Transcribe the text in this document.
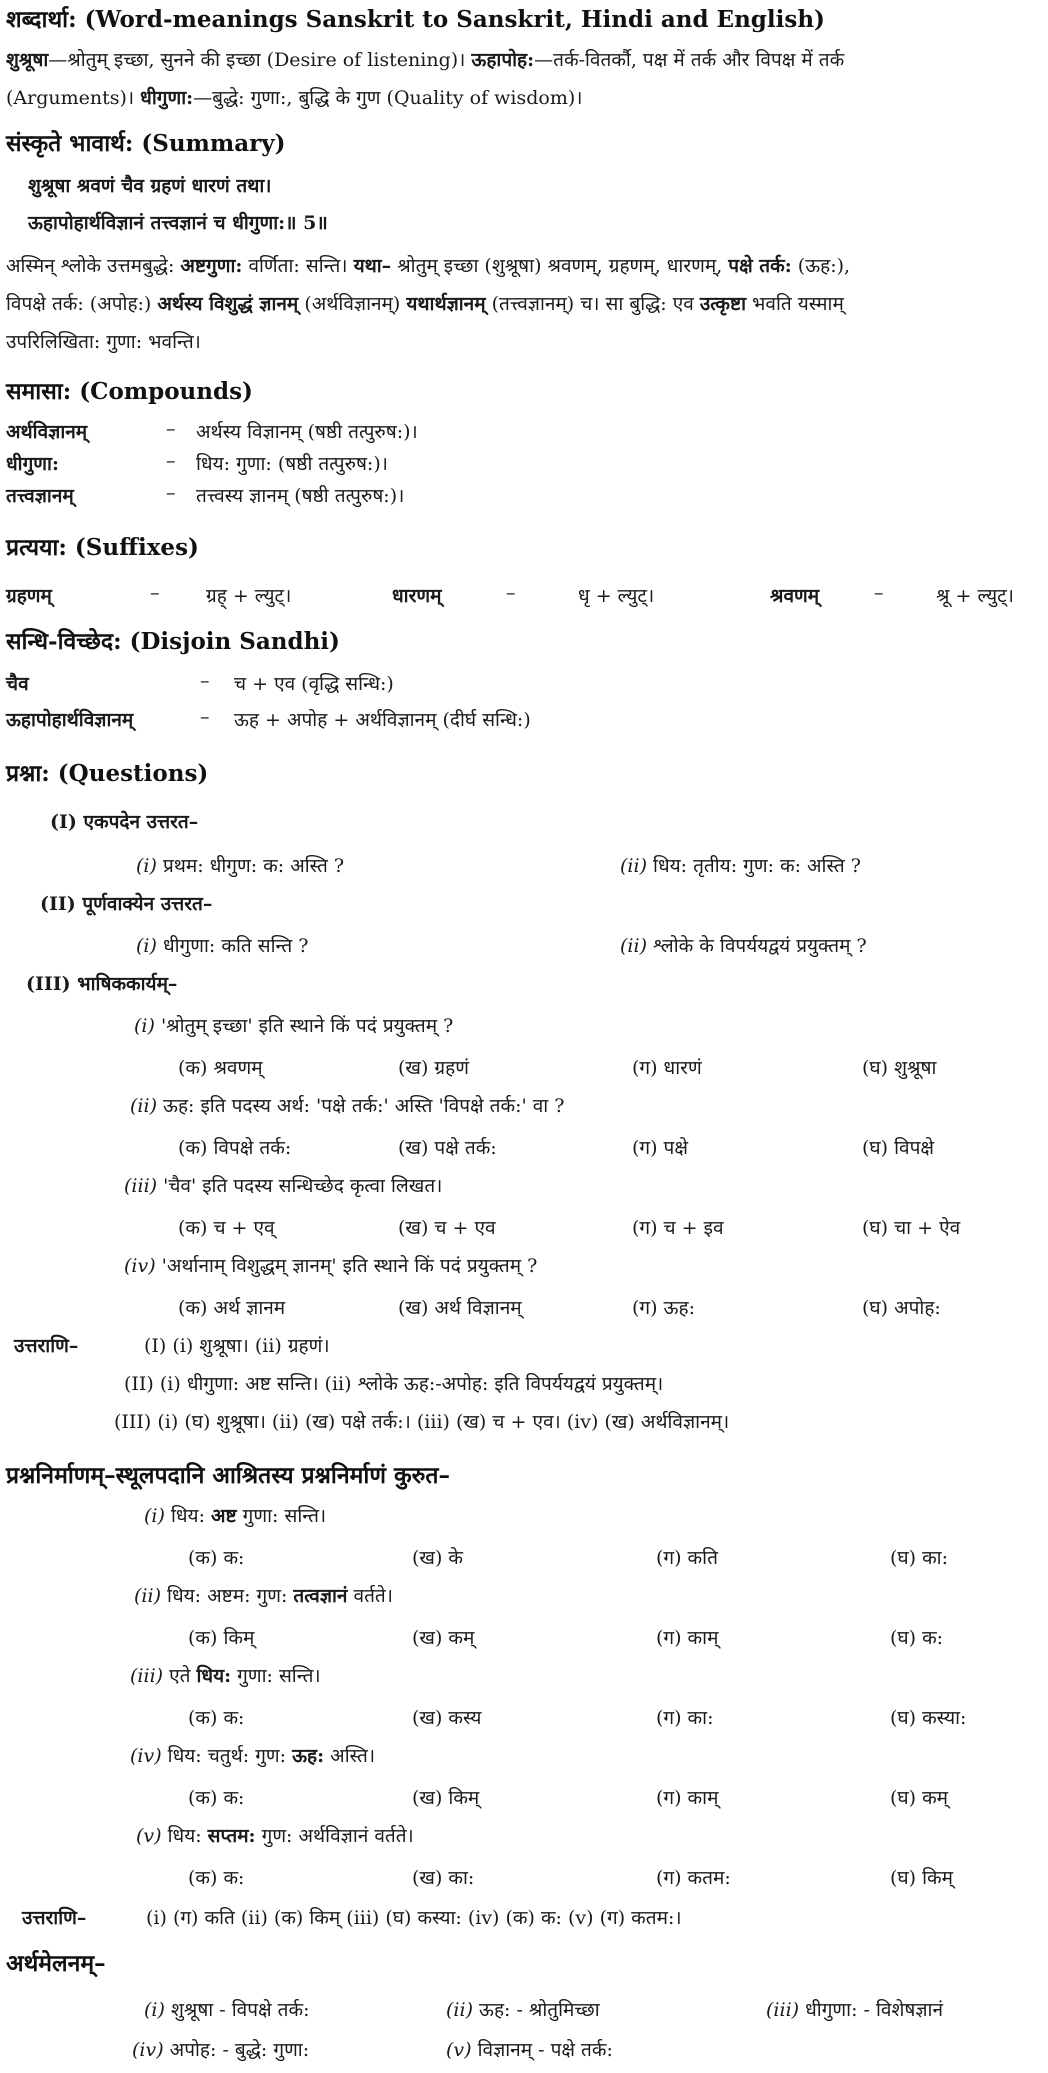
शब्दार्था: (Word-meanings Sanskrit to Sanskrit, Hindi and English)
शुश्रूषा—श्रोतुम् इच्छा, सुनने की इच्छा (Desire of listening)। ऊहापोह:—तर्क-वितर्कौ, पक्ष में तर्क और विपक्ष में तर्क
(Arguments)। धीगुणा:—बुद्धे: गुणा:, बुद्धि के गुण (Quality of wisdom)।
संस्कृते भावार्थ: (Summary)
शुश्रूषा श्रवणं चैव ग्रहणं धारणं तथा।
ऊहापोहार्थविज्ञानं तत्त्वज्ञानं च धीगुणा:॥ 5॥
अस्मिन् श्लोके उत्तमबुद्धे: अष्टगुणा: वर्णिता: सन्ति। यथा– श्रोतुम् इच्छा (शुश्रूषा) श्रवणम्, ग्रहणम्, धारणम्, पक्षे तर्क: (ऊह:),
विपक्षे तर्क: (अपोह:) अर्थस्य विशुद्धं ज्ञानम् (अर्थविज्ञानम्) यथार्थज्ञानम् (तत्त्वज्ञानम्) च। सा बुद्धि: एव उत्कृष्टा भवति यस्माम्
उपरिलिखिता: गुणा: भवन्ति।
समासा: (Compounds)
अर्थविज्ञानम्	– अर्थस्य विज्ञानम् (षष्ठी तत्पुरुष:)।
धीगुणा:	– धिय: गुणा: (षष्ठी तत्पुरुष:)।
तत्त्वज्ञानम्	– तत्त्वस्य ज्ञानम् (षष्ठी तत्पुरुष:)।
प्रत्यया: (Suffixes)
ग्रहणम्	– ग्रह् + ल्युट्।	धारणम्	–	धृ + ल्युट्।	श्रवणम्	–	श्रू + ल्युट्।
सन्धि-विच्छेद: (Disjoin Sandhi)
चैव	– च + एव (वृद्धि सन्धि:)
ऊहापोहार्थविज्ञानम्	– ऊह + अपोह + अर्थविज्ञानम् (दीर्घ सन्धि:)
प्रश्ना: (Questions)
(I) एकपदेन उत्तरत–
(i) प्रथम: धीगुण: क: अस्ति ?	(ii) धिय: तृतीय: गुण: क: अस्ति ?
(II) पूर्णवाक्येन उत्तरत–
(i) धीगुणा: कति सन्ति ?	(ii) श्लोके के विपर्ययद्वयं प्रयुक्तम् ?
(III) भाषिककार्यम्–
(i) 'श्रोतुम् इच्छा' इति स्थाने किं पदं प्रयुक्तम् ?
(क) श्रवणम्	(ख) ग्रहणं	(ग) धारणं	(घ) शुश्रूषा
(ii) ऊह: इति पदस्य अर्थ: 'पक्षे तर्क:' अस्ति 'विपक्षे तर्क:' वा ?
(क) विपक्षे तर्क:	(ख) पक्षे तर्क:	(ग) पक्षे	(घ) विपक्षे
(iii) 'चैव' इति पदस्य सन्धिच्छेद कृत्वा लिखत।
(क) च + एव्	(ख) च + एव	(ग) च + इव	(घ) चा + ऐव
(iv) 'अर्थानाम् विशुद्धम् ज्ञानम्' इति स्थाने किं पदं प्रयुक्तम् ?
(क) अर्थ ज्ञानम	(ख) अर्थ विज्ञानम्	(ग) ऊह:	(घ) अपोह:
उत्तराणि–	(I) (i) शुश्रूषा। (ii) ग्रहणं।
(II) (i) धीगुणा: अष्ट सन्ति। (ii) श्लोके ऊह:-अपोह: इति विपर्ययद्वयं प्रयुक्तम्।
(III) (i) (घ) शुश्रूषा। (ii) (ख) पक्षे तर्क:। (iii) (ख) च + एव। (iv) (ख) अर्थविज्ञानम्।
प्रश्ननिर्माणम्–स्थूलपदानि आश्रितस्य प्रश्ननिर्माणं कुरुत–
(i) धिय: अष्ट गुणा: सन्ति।
(क) क:	(ख) के	(ग) कति	(घ) का:
(ii) धिय: अष्टम: गुण: तत्वज्ञानं वर्तते।
(क) किम्	(ख) कम्	(ग) काम्	(घ) क:
(iii) एते धिय: गुणा: सन्ति।
(क) क:	(ख) कस्य	(ग) का:	(घ) कस्या:
(iv) धिय: चतुर्थ: गुण: ऊह: अस्ति।
(क) क:	(ख) किम्	(ग) काम्	(घ) कम्
(v) धिय: सप्तम: गुण: अर्थविज्ञानं वर्तते।
(क) क:	(ख) का:	(ग) कतम:	(घ) किम्
उत्तराणि–	(i) (ग) कति (ii) (क) किम् (iii) (घ) कस्या: (iv) (क) क: (v) (ग) कतम:।
अर्थमेलनम्–
(i) शुश्रूषा - विपक्षे तर्क:	(ii) ऊह: - श्रोतुमिच्छा	(iii) धीगुणा: - विशेषज्ञानं
(iv) अपोह: - बुद्धे: गुणा:	(v) विज्ञानम् - पक्षे तर्क:
